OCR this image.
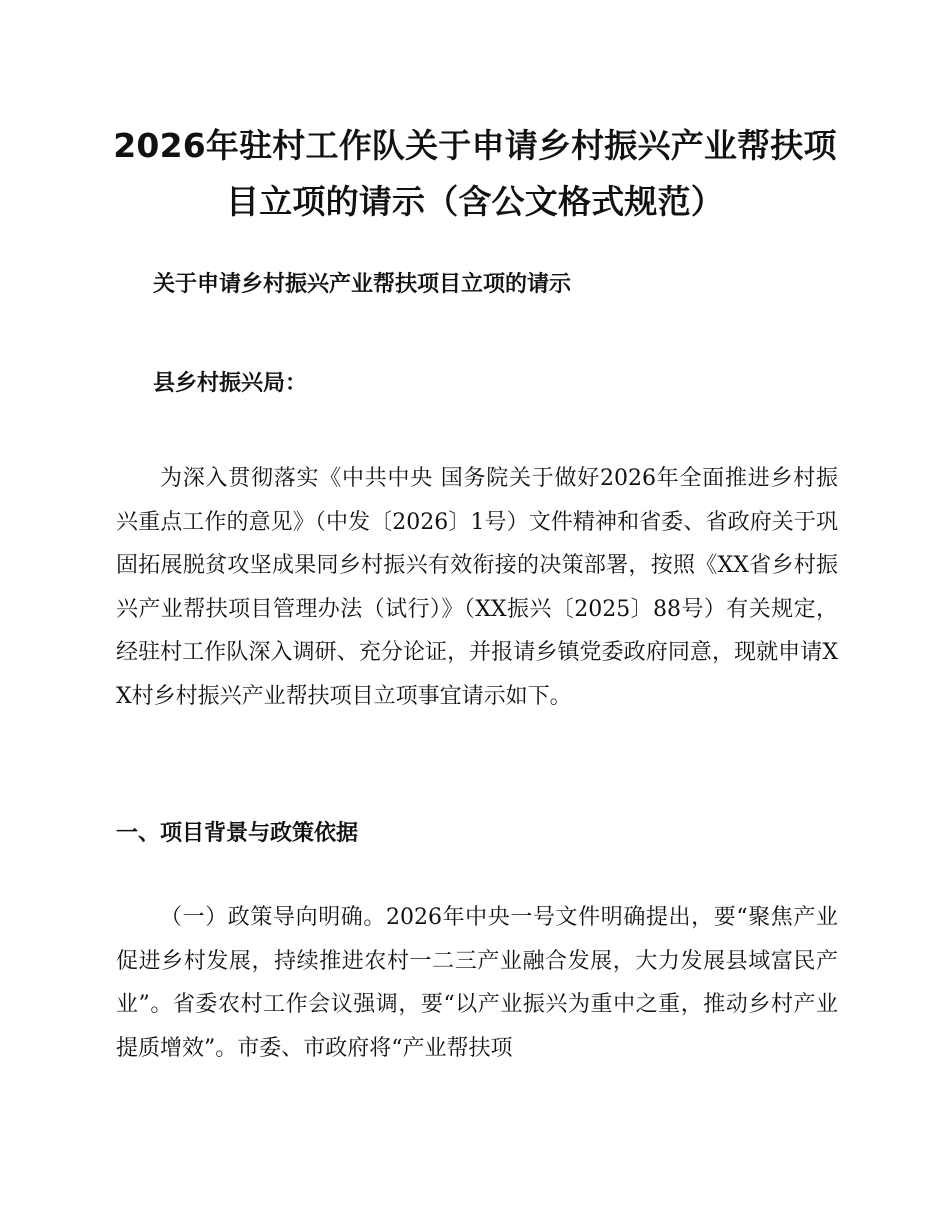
2026年驻村工作队关于申请乡村振兴产业帮扶项目立项的请示（含公文格式规范）

关于申请乡村振兴产业帮扶项目立项的请示

县乡村振兴局：

为深入贯彻落实《中共中央 国务院关于做好2026年全面推进乡村振兴重点工作的意见》（中发〔2026〕1号）文件精神和省委、省政府关于巩固拓展脱贫攻坚成果同乡村振兴有效衔接的决策部署，按照《XX省乡村振兴产业帮扶项目管理办法（试行）》（XX振兴〔2025〕88号）有关规定，经驻村工作队深入调研、充分论证，并报请乡镇党委政府同意，现就申请XX村乡村振兴产业帮扶项目立项事宜请示如下。

一、项目背景与政策依据

（一）政策导向明确。2026年中央一号文件明确提出，要“聚焦产业促进乡村发展，持续推进农村一二三产业融合发展，大力发展县域富民产业”。省委农村工作会议强调，要“以产业振兴为重中之重，推动乡村产业提质增效”。市委、市政府将“产业帮扶项
